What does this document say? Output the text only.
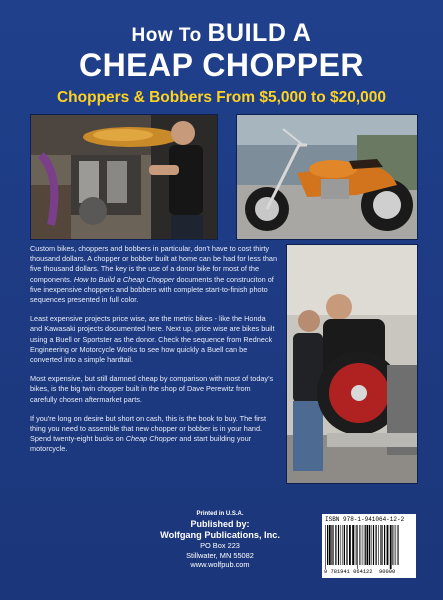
How To BUILD A
CHEAP CHOPPER
Choppers & Bobbers From $5,000 to $20,000

Custom bikes, choppers and bobbers in particular, don't have to cost thirty thousand dollars. A chopper or bobber built at home can be had for less than five thousand dollars. The key is the use of a donor bike for most of the components. How to Build a Cheap Chopper documents the construciton of five inexpensive choppers and bobbers with complete start-to-finish photo sequences presented in full color.

Least expensive projects price wise, are the metric bikes - like the Honda and Kawasaki projects documented here. Next up, price wise are bikes built using a Buell or Sportster as the donor. Check the sequence from Redneck Engineering or Motorcycle Works to see how quickly a Buell can be converted into a simple hardtail.

Most expensive, but still damned cheap by comparison with most of today's bikes, is the big twin chopper built in the shop of Dave Perewitz from carefully chosen aftermarket parts.

If you're long on desire but short on cash, this is the book to buy. The first thing you need to assemble that new chopper or bobber is in your hand. Spend twenty-eight bucks on Cheap Chopper and start building your motorcycle.

Printed in U.S.A.
Published by:
Wolfgang Publications, Inc.
PO Box 223
Stillwater, MN 55082
www.wolfpub.com
ISBN 978-1-941064-12-2
9 781941 064122 90000
